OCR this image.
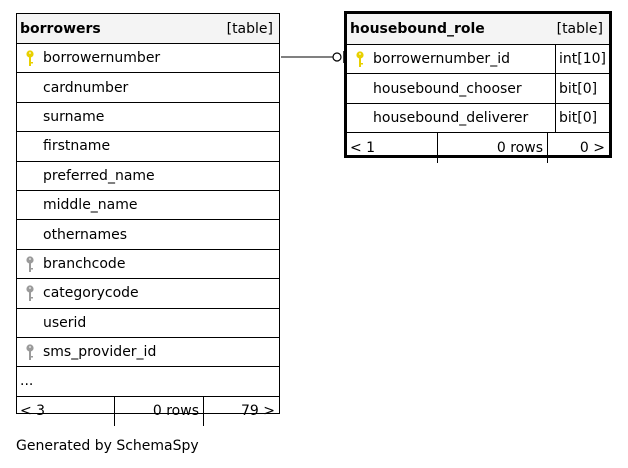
borrowers	[table]
borrowernumber
cardnumber
surname
firstname
preferred_name
middle_name
othernames
branchcode
categorycode
userid
sms_provider_id
...
< 3	0 rows	79 >
housebound_role	[table]
borrowernumber_id	int[10]
housebound_chooser	bit[0]
housebound_deliverer bit[0]
< 1	0 rows	0 >
Generated by SchemaSpy
